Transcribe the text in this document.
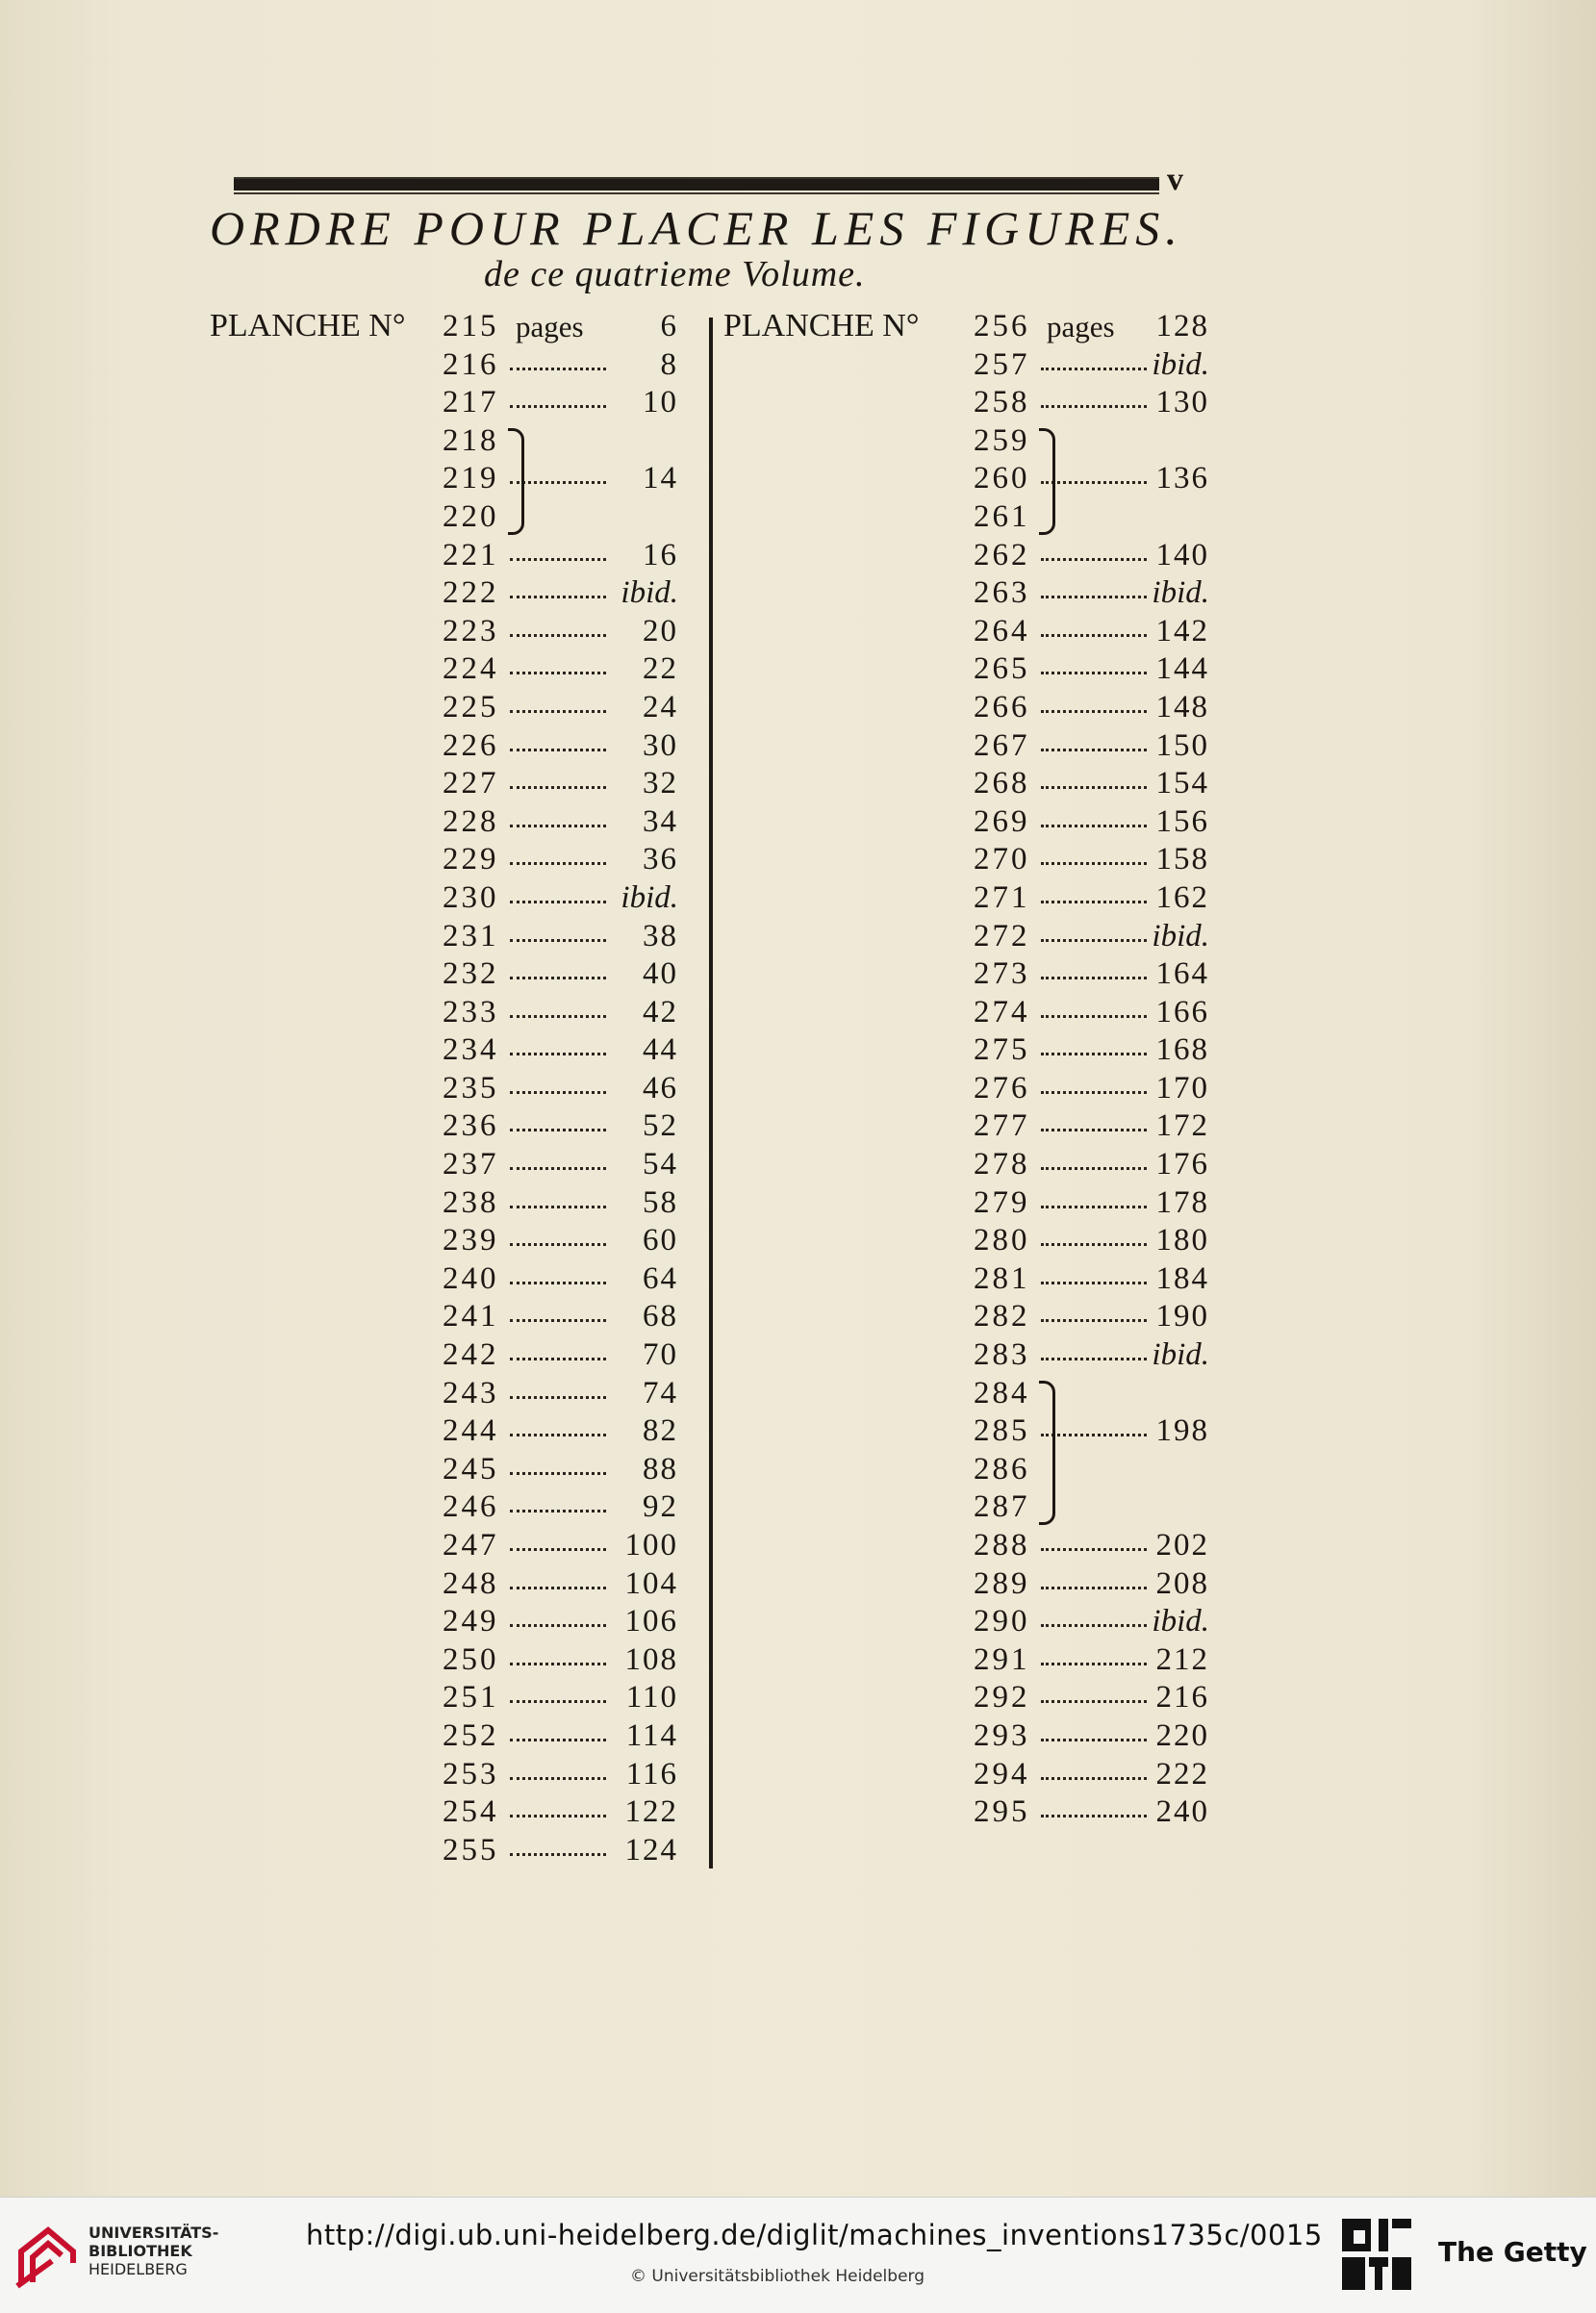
v
ORDRE POUR PLACER LES FIGURES.
de ce quatrieme Volume.
PLANCHE N°	PLANCHE N°
215 pages 6
216	8
217	10
218
219	14
220
221	16
222	ibid.
223	20
224	22
225	24
226	30
227	32
228	34
229	36
230	ibid.
231	38
232	40
233	42
234	44
235	46
236	52
237	54
238	58
239	60
240	64
241	68
242	70
243	74
244	82
245	88
246	92
247	100
248	104
249	106
250	108
251	110
252	114
253	116
254	122
255	124
256 pages 128
257	ibid.
258	130
259
260	136
261
262	140
263	ibid.
264	142
265	144
266	148
267	150
268	154
269	156
270	158
271	162
272	ibid.
273	164
274	166
275	168
276	170
277	172
278	176
279	178
280	180
281	184
282	190
283	ibid.
284
285	198
286
287
288	202
289	208
290	ibid.
291	212
292	216
293	220
294	222
295	240
UNIVERSITÄTS-
BIBLIOTHEK
HEIDELBERG
http://digi.ub.uni-heidelberg.de/diglit/machines_inventions1735c/0015
© Universitätsbibliothek Heidelberg
The Getty
